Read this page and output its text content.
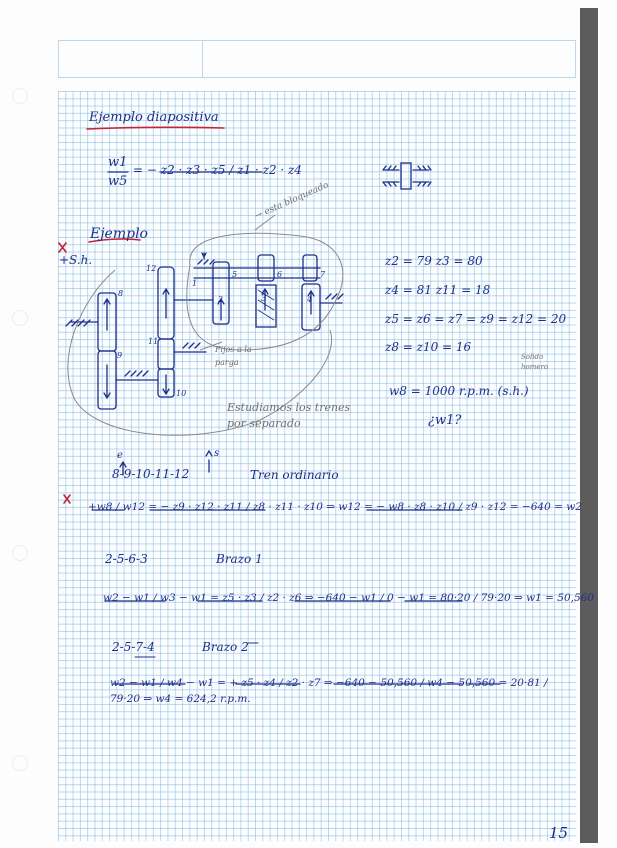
Ejemplo diapositiva
w1
w5
= − z2 · z3 · z5 / z1 · z2 · z4
→ esta bloqueado
Ejemplo
+S.h.
12
8
9
11
10
1
5
2
6
3
7
4
Fijos a la parga
Estudiamos los trenes por separado
z2 = 79 z3 = 80
z4 = 81 z11 = 18
z5 = z6 = z7 = z9 = z12 = 20
z8 = z10 = 16
Solido homero
w8 = 1000 r.p.m. (s.h.)
¿w1?
e	s
8-9-10-11-12	Tren ordinario
+w8 / w12 = − z9 · z12 · z11 / z8 · z11 · z10 ⇒ w12 = − w8 · z8 · z10 / z9 · z12 = −640 = w2
2-5-6-3	Brazo 1
w2 − w1 / w3 − w1 = z5 · z3 / z2 · z6 ⇒ −640 − w1 / 0 − w1 = 80·20 / 79·20 ⇒ w1 = 50,560
2-5-7-4	Brazo 2
w2 − w1 / w4 − w1 = + z5 · z4 / z2 · z7 ⇒ −640 − 50,560 / w4 − 50,560 = 20·81 / 79·20 ⇒ w4 = 624,2 r.p.m.
15
